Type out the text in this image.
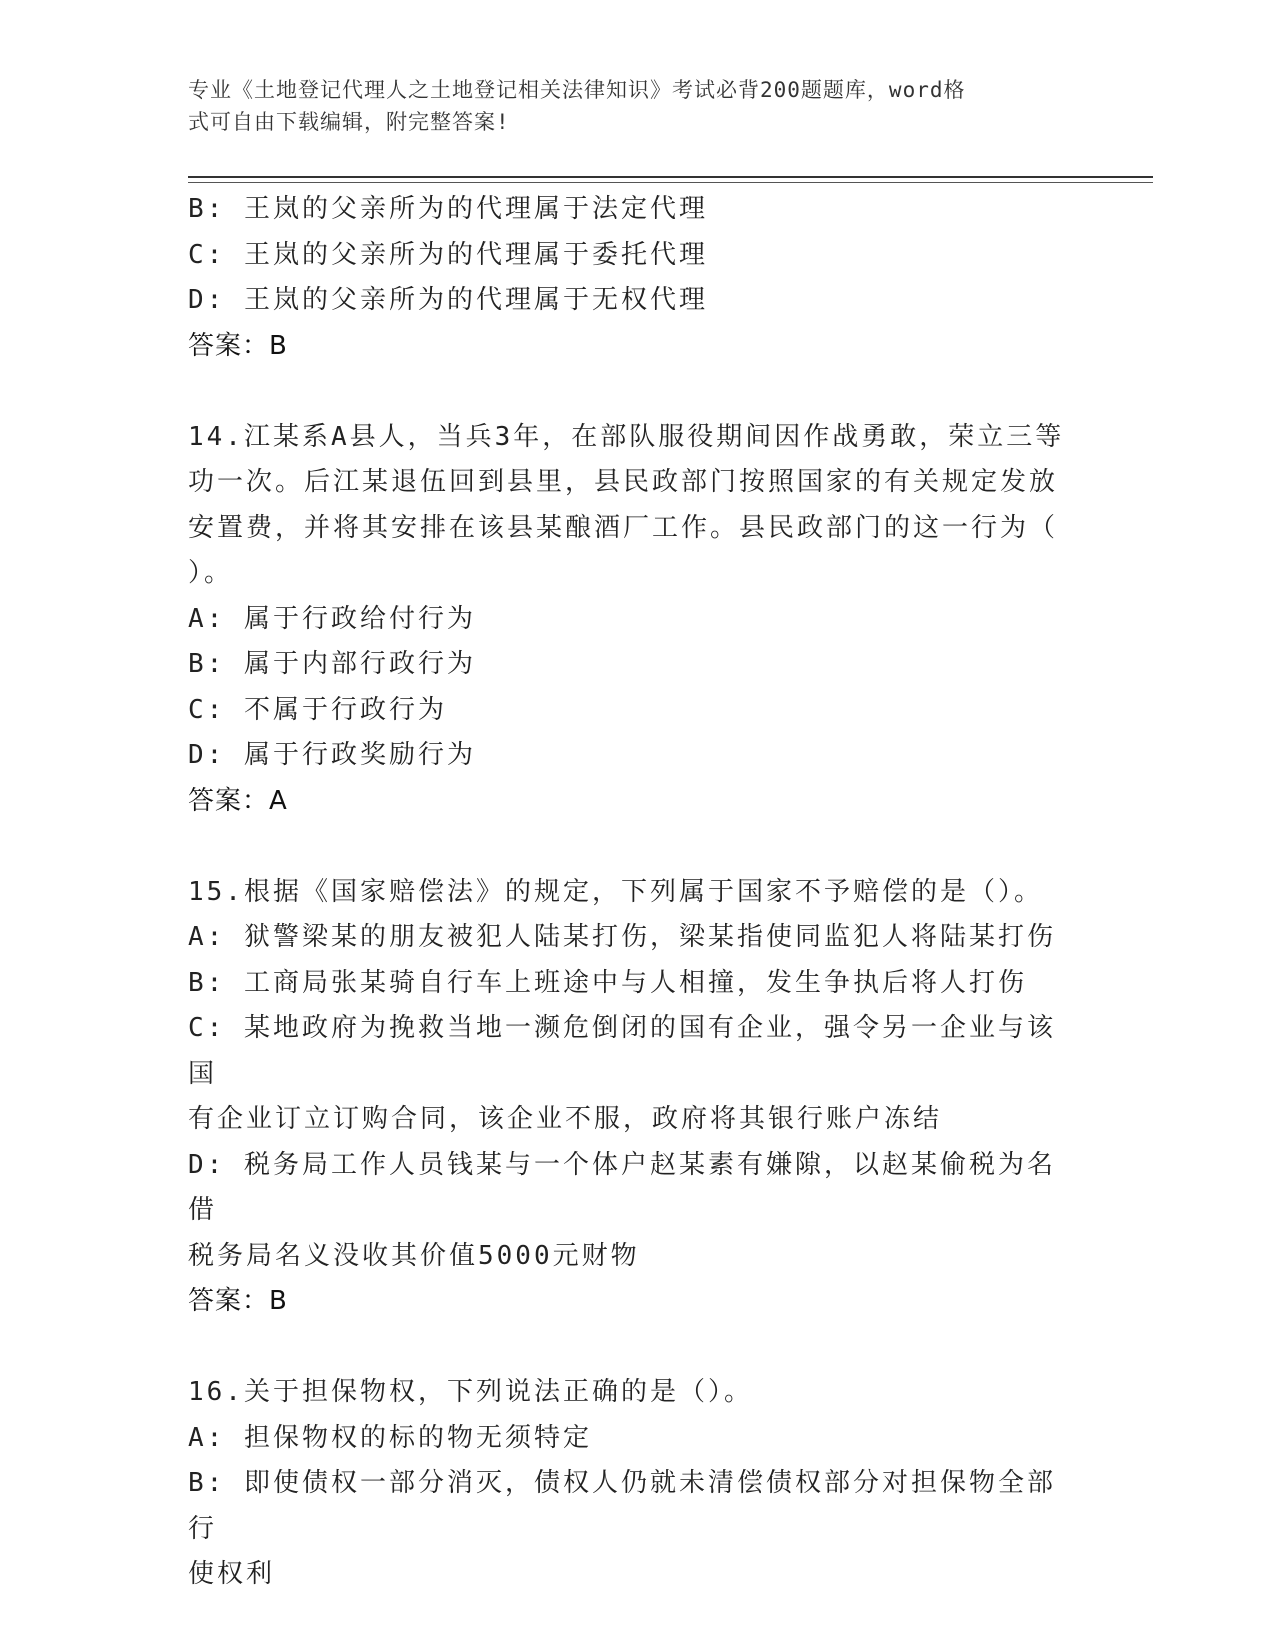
专业《土地登记代理人之土地登记相关法律知识》考试必背200题题库，word格
式可自由下载编辑，附完整答案!
B: 王岚的父亲所为的代理属于法定代理
C: 王岚的父亲所为的代理属于委托代理
D: 王岚的父亲所为的代理属于无权代理
答案：B
14.江某系A县人，当兵3年，在部队服役期间因作战勇敢，荣立三等
功一次。后江某退伍回到县里，县民政部门按照国家的有关规定发放
安置费，并将其安排在该县某酿酒厂工作。县民政部门的这一行为（
）。
A: 属于行政给付行为
B: 属于内部行政行为
C: 不属于行政行为
D: 属于行政奖励行为
答案：A
15.根据《国家赔偿法》的规定，下列属于国家不予赔偿的是（）。
A: 狱警梁某的朋友被犯人陆某打伤，梁某指使同监犯人将陆某打伤
B: 工商局张某骑自行车上班途中与人相撞，发生争执后将人打伤
C: 某地政府为挽救当地一濒危倒闭的国有企业，强令另一企业与该国
有企业订立订购合同，该企业不服，政府将其银行账户冻结
D: 税务局工作人员钱某与一个体户赵某素有嫌隙，以赵某偷税为名借
税务局名义没收其价值5000元财物
答案：B
16.关于担保物权，下列说法正确的是（）。
A: 担保物权的标的物无须特定
B: 即使债权一部分消灭，债权人仍就未清偿债权部分对担保物全部行
使权利
